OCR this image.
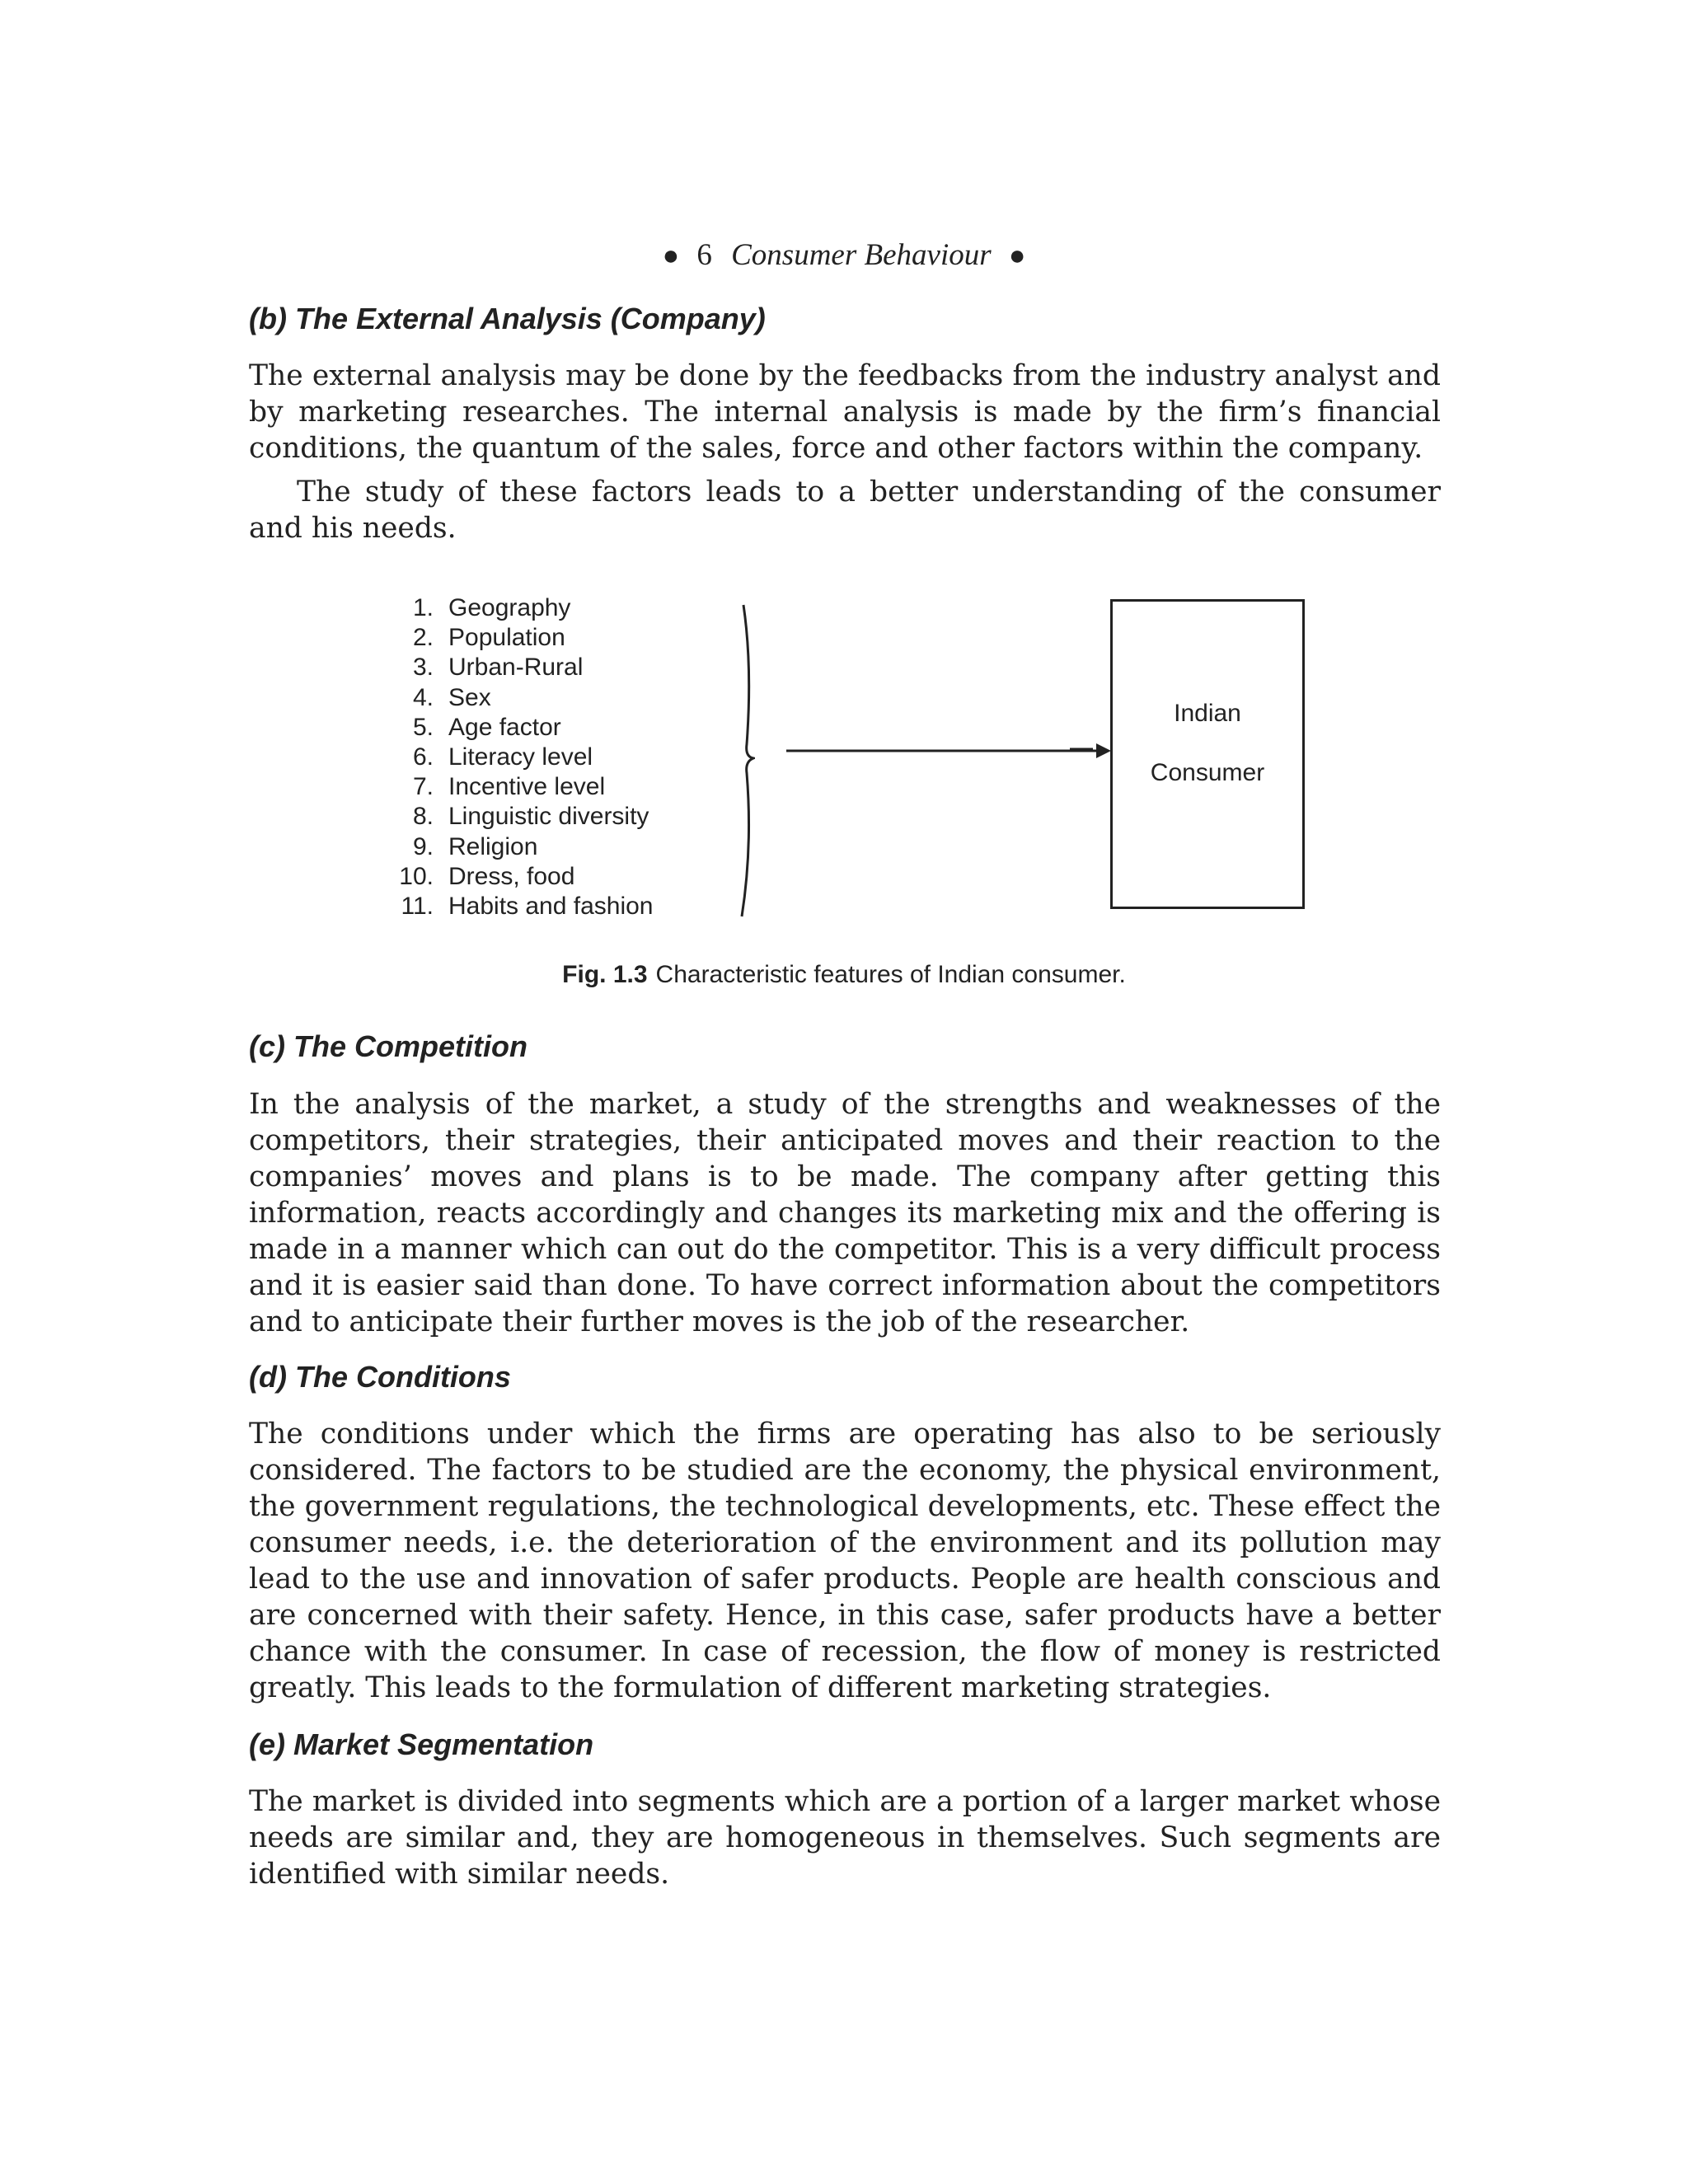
● 6 Consumer Behaviour ●
(b) The External Analysis (Company)

The external analysis may be done by the feedbacks from the industry analyst and by marketing researches. The internal analysis is made by the firm’s financial conditions, the quantum of the sales, force and other factors within the company.

The study of these factors leads to a better understanding of the consumer and his needs.

1. Geography
2. Population
3. Urban-Rural
4. Sex
5. Age factor
6. Literacy level
7. Incentive level
8. Linguistic diversity
9. Religion
10. Dress, food
11. Habits and fashion
Indian
Consumer
Fig. 1.3 Characteristic features of Indian consumer.
(c) The Competition

In the analysis of the market, a study of the strengths and weaknesses of the competitors, their strategies, their anticipated moves and their reaction to the companies’ moves and plans is to be made. The company after getting this information, reacts accordingly and changes its marketing mix and the offering is made in a manner which can out do the competitor. This is a very difficult process and it is easier said than done. To have correct information about the competitors and to anticipate their further moves is the job of the researcher.

(d) The Conditions

The conditions under which the firms are operating has also to be seriously considered. The factors to be studied are the economy, the physical environment, the government regulations, the technological developments, etc. These effect the consumer needs, i.e. the deterioration of the environment and its pollution may lead to the use and innovation of safer products. People are health conscious and are concerned with their safety. Hence, in this case, safer products have a better chance with the consumer. In case of recession, the flow of money is restricted greatly. This leads to the formulation of different marketing strategies.

(e) Market Segmentation

The market is divided into segments which are a portion of a larger market whose needs are similar and, they are homogeneous in themselves. Such segments are identified with similar needs.
